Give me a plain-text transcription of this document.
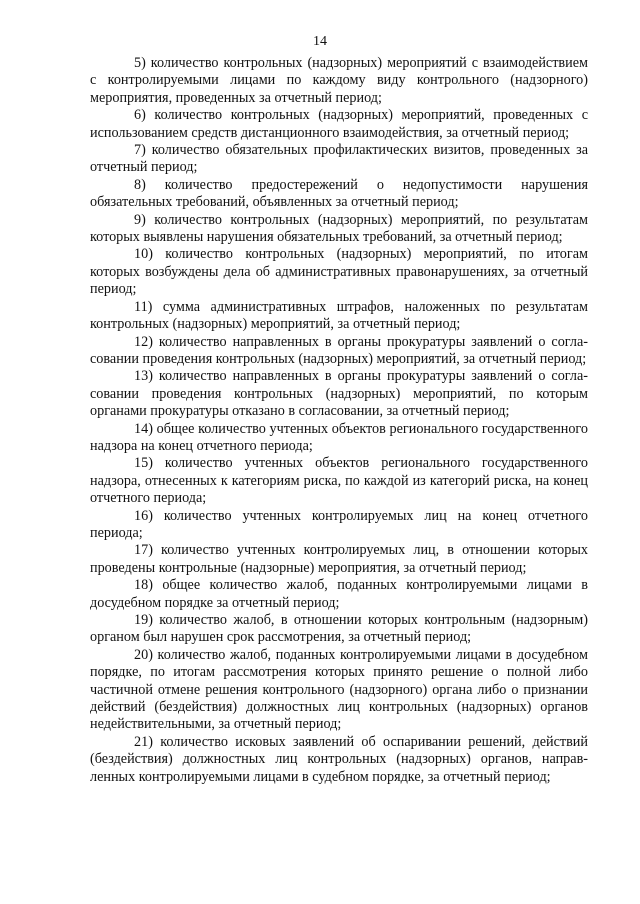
14

5) количество контрольных (надзорных) мероприятий с взаимодействием с контролируемыми лицами по каждому виду контрольного (надзорного) мероприятия, проведенных за отчетный период;

6) количество контрольных (надзорных) мероприятий, проведенных с использованием средств дистанционного взаимодействия, за отчетный период;

7) количество обязательных профилактических визитов, проведенных за отчетный период;

8) количество предостережений о недопустимости нарушения обязательных требований, объявленных за отчетный период;

9) количество контрольных (надзорных) мероприятий, по результатам которых выявлены нарушения обязательных требований, за отчетный период;

10) количество контрольных (надзорных) мероприятий, по итогам которых возбуждены дела об административных правонарушениях, за отчетный период;

11) сумма административных штрафов, наложенных по результатам контрольных (надзорных) мероприятий, за отчетный период;

12) количество направленных в органы прокуратуры заявлений о согласовании проведения контрольных (надзорных) мероприятий, за отчетный период;

13) количество направленных в органы прокуратуры заявлений о согласовании проведения контрольных (надзорных) мероприятий, по которым органами прокуратуры отказано в согласовании, за отчетный период;

14) общее количество учтенных объектов регионального государственного надзора на конец отчетного периода;

15) количество учтенных объектов регионального государственного надзора, отнесенных к категориям риска, по каждой из категорий риска, на конец отчетного периода;

16) количество учтенных контролируемых лиц на конец отчетного периода;

17) количество учтенных контролируемых лиц, в отношении которых проведены контрольные (надзорные) мероприятия, за отчетный период;

18) общее количество жалоб, поданных контролируемыми лицами в досудебном порядке за отчетный период;

19) количество жалоб, в отношении которых контрольным (надзорным) органом был нарушен срок рассмотрения, за отчетный период;

20) количество жалоб, поданных контролируемыми лицами в досудебном порядке, по итогам рассмотрения которых принято решение о полной либо частичной отмене решения контрольного (надзорного) органа либо о признании действий (бездействия) должностных лиц контрольных (надзорных) органов недействительными, за отчетный период;

21) количество исковых заявлений об оспаривании решений, действий (бездействия) должностных лиц контрольных (надзорных) органов, направленных контролируемыми лицами в судебном порядке, за отчетный период;
